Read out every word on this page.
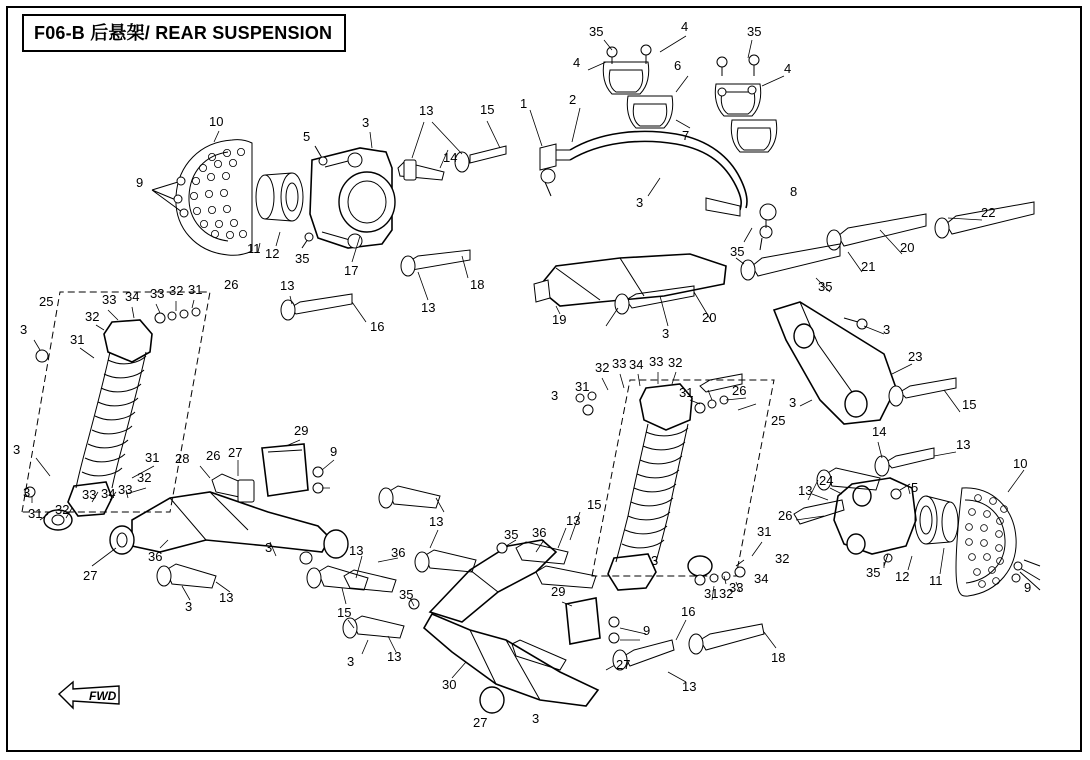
F06-B 后悬架/ REAR SUSPENSION
FWD
35	4	35
4	6	4
7
10
5
3
13	15 1	2
9
14
8
3
11 12 35
17
35
22
20
21
35
18
13
13
26
25	33 34 33 32 31
32
31
3	16	19	20
3	3
23
32 33 34 33 32
31	31	26
3	3	15
14
13
25
10
3
31	26 27
29
9
28
32
5
24
13
26
31
33 34 33
31 32
3
12 11
35
9
32
3
33
34
31 32
27
36
3	13 36
13
15
35 36
13
13
3	15
35	29
16
3	13
30
9
27
13
18
27	3
